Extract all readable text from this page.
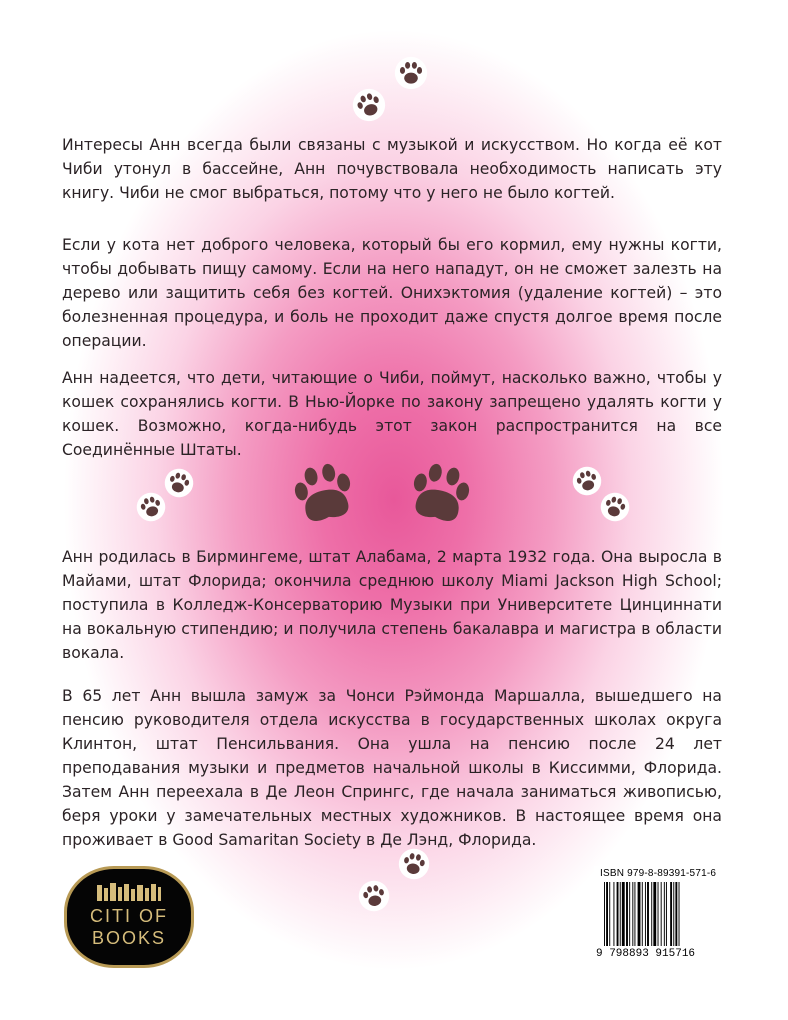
Интересы Анн всегда были связаны с музыкой и искусством. Но когда её кот Чиби утонул в бассейне, Анн почувствовала необходимость написать эту книгу. Чиби не смог выбраться, потому что у него не было когтей.
Если у кота нет доброго человека, который бы его кормил, ему нужны когти, чтобы добывать пищу самому. Если на него нападут, он не сможет залезть на дерево или защитить себя без когтей. Онихэктомия (удаление когтей) – это болезненная процедура, и боль не проходит даже спустя долгое время после операции.
Анн надеется, что дети, читающие о Чиби, поймут, насколько важно, чтобы у кошек сохранялись когти. В Нью-Йорке по закону запрещено удалять когти у кошек. Возможно, когда-нибудь этот закон распространится на все Соединённые Штаты.
Анн родилась в Бирмингеме, штат Алабама, 2 марта 1932 года. Она выросла в Майами, штат Флорида; окончила среднюю школу Miami Jackson High School; поступила в Колледж-Консерваторию Музыки при Университете Цинциннати на вокальную стипендию; и получила степень бакалавра и магистра в области вокала.
В 65 лет Анн вышла замуж за Чонси Рэймонда Маршалла, вышедшего на пенсию руководителя отдела искусства в государственных школах округа Клинтон, штат Пенсильвания. Она ушла на пенсию после 24 лет преподавания музыки и предметов начальной школы в Киссимми, Флорида. Затем Анн переехала в Де Леон Спрингс, где начала заниматься живописью, беря уроки у замечательных местных художников. В настоящее время она проживает в Good Samaritan Society в Де Лэнд, Флорида.
CITI OF
BOOKS
ISBN 979-8-89391-571-6
9 798893 915716
